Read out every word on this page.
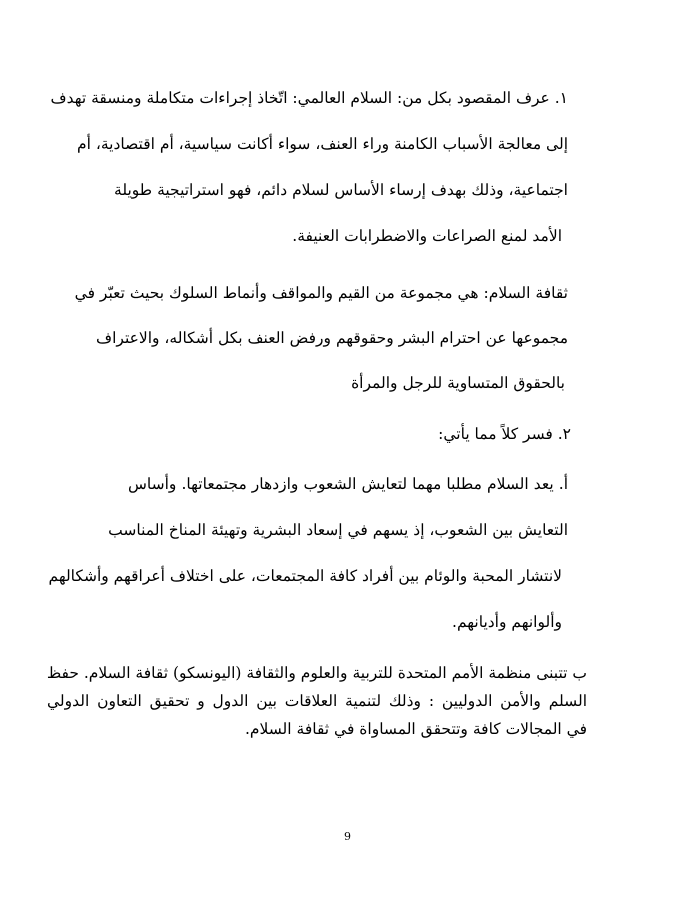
١. عرف المقصود بكل من: السلام العالمي: اتّخاذ إجراءات متكاملة ومنسقة تهدف
إلى معالجة الأسباب الكامنة وراء العنف، سواء أكانت سياسية، أم اقتصادية، أم
اجتماعية، وذلك بهدف إرساء الأساس لسلام دائم، فهو استراتيجية طويلة
الأمد لمنع الصراعات والاضطرابات العنيفة.
ثقافة السلام: هي مجموعة من القيم والمواقف وأنماط السلوك بحيث تعبّر في
مجموعها عن احترام البشر وحقوقهم ورفض العنف بكل أشكاله، والاعتراف
بالحقوق المتساوية للرجل والمرأة
٢. فسر كلاً مما يأتي:
أ. يعد السلام مطلبا مهما لتعايش الشعوب وازدهار مجتمعاتها. وأساس
التعايش بين الشعوب، إذ يسهم في إسعاد البشرية وتهيئة المناخ المناسب
لانتشار المحبة والوئام بين أفراد كافة المجتمعات، على اختلاف أعراقهم وأشكالهم
وألوانهم وأديانهم.
ب تتبنى منظمة الأمم المتحدة للتربية والعلوم والثقافة (اليونسكو) ثقافة السلام. حفظ
السلم والأمن الدوليين : وذلك لتنمية العلاقات بين الدول و تحقيق التعاون الدولي
في المجالات كافة وتتحقق المساواة في ثقافة السلام.
9
